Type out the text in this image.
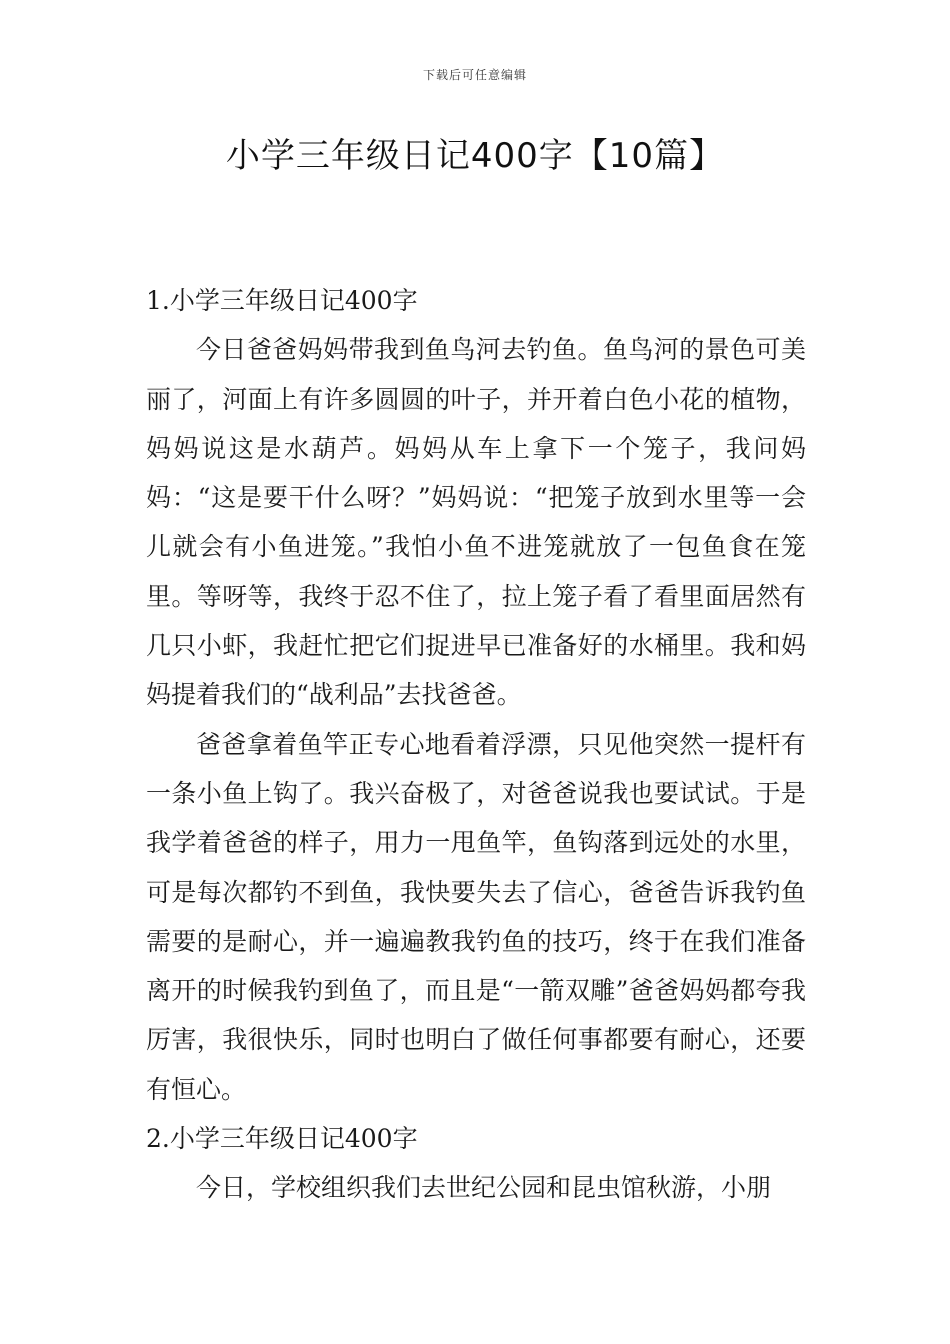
下载后可任意编辑
小学三年级日记400字【10篇】
1.小学三年级日记400字

今日爸爸妈妈带我到鱼鸟河去钓鱼。鱼鸟河的景色可美丽了，河面上有许多圆圆的叶子，并开着白色小花的植物，妈妈说这是水葫芦。妈妈从车上拿下一个笼子，我问妈妈：“这是要干什么呀？”妈妈说：“把笼子放到水里等一会儿就会有小鱼进笼。”我怕小鱼不进笼就放了一包鱼食在笼里。等呀等，我终于忍不住了，拉上笼子看了看里面居然有几只小虾，我赶忙把它们捉进早已准备好的水桶里。我和妈妈提着我们的“战利品”去找爸爸。

爸爸拿着鱼竿正专心地看着浮漂，只见他突然一提杆有一条小鱼上钩了。我兴奋极了，对爸爸说我也要试试。于是我学着爸爸的样子，用力一甩鱼竿，鱼钩落到远处的水里，可是每次都钓不到鱼，我快要失去了信心，爸爸告诉我钓鱼需要的是耐心，并一遍遍教我钓鱼的技巧，终于在我们准备离开的时候我钓到鱼了，而且是“一箭双雕”爸爸妈妈都夸我厉害，我很快乐，同时也明白了做任何事都要有耐心，还要有恒心。

2.小学三年级日记400字

今日，学校组织我们去世纪公园和昆虫馆秋游，小朋
